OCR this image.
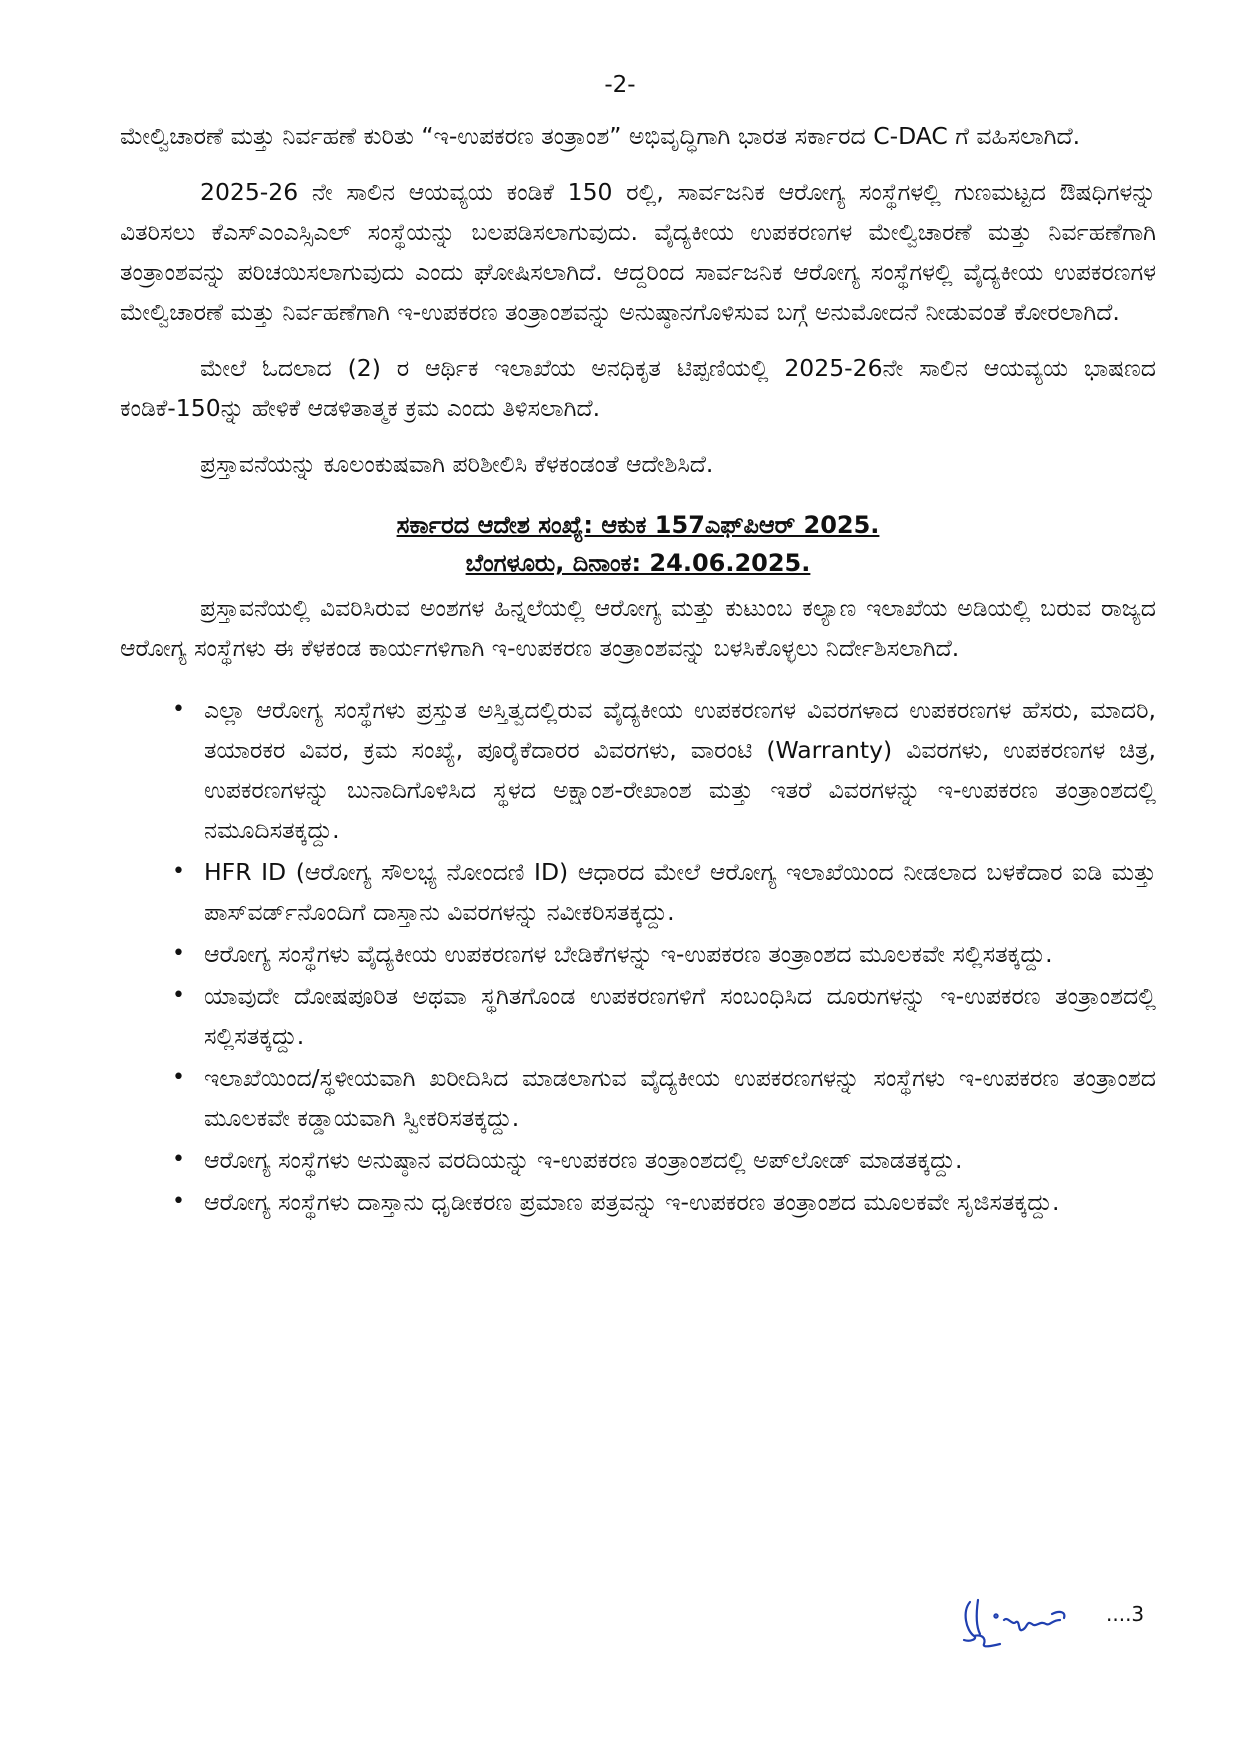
-2-

ಮೇಲ್ವಿಚಾರಣೆ ಮತ್ತು ನಿರ್ವಹಣೆ ಕುರಿತು “ಇ-ಉಪಕರಣ ತಂತ್ರಾಂಶ” ಅಭಿವೃದ್ಧಿಗಾಗಿ ಭಾರತ ಸರ್ಕಾರದ C-DAC ಗೆ ವಹಿಸಲಾಗಿದೆ.

2025-26 ನೇ ಸಾಲಿನ ಆಯವ್ಯಯ ಕಂಡಿಕೆ 150 ರಲ್ಲಿ, ಸಾರ್ವಜನಿಕ ಆರೋಗ್ಯ ಸಂಸ್ಥೆಗಳಲ್ಲಿ ಗುಣಮಟ್ಟದ ಔಷಧಿಗಳನ್ನು ವಿತರಿಸಲು ಕೆಎಸ್ಎಂಎಸ್ಸಿಎಲ್ ಸಂಸ್ಥೆಯನ್ನು ಬಲಪಡಿಸಲಾಗುವುದು. ವೈದ್ಯಕೀಯ ಉಪಕರಣಗಳ ಮೇಲ್ವಿಚಾರಣೆ ಮತ್ತು ನಿರ್ವಹಣೆಗಾಗಿ ತಂತ್ರಾಂಶವನ್ನು ಪರಿಚಯಿಸಲಾಗುವುದು ಎಂದು ಘೋಷಿಸಲಾಗಿದೆ. ಆದ್ದರಿಂದ ಸಾರ್ವಜನಿಕ ಆರೋಗ್ಯ ಸಂಸ್ಥೆಗಳಲ್ಲಿ ವೈದ್ಯಕೀಯ ಉಪಕರಣಗಳ ಮೇಲ್ವಿಚಾರಣೆ ಮತ್ತು ನಿರ್ವಹಣೆಗಾಗಿ ಇ-ಉಪಕರಣ ತಂತ್ರಾಂಶವನ್ನು ಅನುಷ್ಠಾನಗೊಳಿಸುವ ಬಗ್ಗೆ ಅನುಮೋದನೆ ನೀಡುವಂತೆ ಕೋರಲಾಗಿದೆ.

ಮೇಲೆ ಓದಲಾದ (2) ರ ಆರ್ಥಿಕ ಇಲಾಖೆಯ ಅನಧಿಕೃತ ಟಿಪ್ಪಣಿಯಲ್ಲಿ 2025-26ನೇ ಸಾಲಿನ ಆಯವ್ಯಯ ಭಾಷಣದ ಕಂಡಿಕೆ-150ನ್ನು ಹೇಳಿಕೆ ಆಡಳಿತಾತ್ಮಕ ಕ್ರಮ ಎಂದು ತಿಳಿಸಲಾಗಿದೆ.

ಪ್ರಸ್ತಾವನೆಯನ್ನು ಕೂಲಂಕುಷವಾಗಿ ಪರಿಶೀಲಿಸಿ ಕೆಳಕಂಡಂತೆ ಆದೇಶಿಸಿದೆ.

ಸರ್ಕಾರದ ಆದೇಶ ಸಂಖ್ಯೆ: ಆಕುಕ 157ಎಫ್‌ಪಿಆರ್ 2025.
ಬೆಂಗಳೂರು, ದಿನಾಂಕ: 24.06.2025.

ಪ್ರಸ್ತಾವನೆಯಲ್ಲಿ ವಿವರಿಸಿರುವ ಅಂಶಗಳ ಹಿನ್ನಲೆಯಲ್ಲಿ ಆರೋಗ್ಯ ಮತ್ತು ಕುಟುಂಬ ಕಲ್ಯಾಣ ಇಲಾಖೆಯ ಅಡಿಯಲ್ಲಿ ಬರುವ ರಾಜ್ಯದ ಆರೋಗ್ಯ ಸಂಸ್ಥೆಗಳು ಈ ಕೆಳಕಂಡ ಕಾರ್ಯಗಳಿಗಾಗಿ ಇ-ಉಪಕರಣ ತಂತ್ರಾಂಶವನ್ನು ಬಳಸಿಕೊಳ್ಳಲು ನಿರ್ದೇಶಿಸಲಾಗಿದೆ.

• ಎಲ್ಲಾ ಆರೋಗ್ಯ ಸಂಸ್ಥೆಗಳು ಪ್ರಸ್ತುತ ಅಸ್ತಿತ್ವದಲ್ಲಿರುವ ವೈದ್ಯಕೀಯ ಉಪಕರಣಗಳ ವಿವರಗಳಾದ ಉಪಕರಣಗಳ ಹೆಸರು, ಮಾದರಿ, ತಯಾರಕರ ವಿವರ, ಕ್ರಮ ಸಂಖ್ಯೆ, ಪೂರೈಕೆದಾರರ ವಿವರಗಳು, ವಾರಂಟಿ (Warranty) ವಿವರಗಳು, ಉಪಕರಣಗಳ ಚಿತ್ರ, ಉಪಕರಣಗಳನ್ನು ಬುನಾದಿಗೊಳಿಸಿದ ಸ್ಥಳದ ಅಕ್ಷಾಂಶ-ರೇಖಾಂಶ ಮತ್ತು ಇತರೆ ವಿವರಗಳನ್ನು ಇ-ಉಪಕರಣ ತಂತ್ರಾಂಶದಲ್ಲಿ ನಮೂದಿಸತಕ್ಕದ್ದು.
• HFR ID (ಆರೋಗ್ಯ ಸೌಲಭ್ಯ ನೋಂದಣಿ ID) ಆಧಾರದ ಮೇಲೆ ಆರೋಗ್ಯ ಇಲಾಖೆಯಿಂದ ನೀಡಲಾದ ಬಳಕೆದಾರ ಐಡಿ ಮತ್ತು ಪಾಸ್‌ವರ್ಡ್‌ನೊಂದಿಗೆ ದಾಸ್ತಾನು ವಿವರಗಳನ್ನು ನವೀಕರಿಸತಕ್ಕದ್ದು.
• ಆರೋಗ್ಯ ಸಂಸ್ಥೆಗಳು ವೈದ್ಯಕೀಯ ಉಪಕರಣಗಳ ಬೇಡಿಕೆಗಳನ್ನು ಇ-ಉಪಕರಣ ತಂತ್ರಾಂಶದ ಮೂಲಕವೇ ಸಲ್ಲಿಸತಕ್ಕದ್ದು.
• ಯಾವುದೇ ದೋಷಪೂರಿತ ಅಥವಾ ಸ್ಥಗಿತಗೊಂಡ ಉಪಕರಣಗಳಿಗೆ ಸಂಬಂಧಿಸಿದ ದೂರುಗಳನ್ನು ಇ-ಉಪಕರಣ ತಂತ್ರಾಂಶದಲ್ಲಿ ಸಲ್ಲಿಸತಕ್ಕದ್ದು.
• ಇಲಾಖೆಯಿಂದ/ಸ್ಥಳೀಯವಾಗಿ ಖರೀದಿಸಿದ ಮಾಡಲಾಗುವ ವೈದ್ಯಕೀಯ ಉಪಕರಣಗಳನ್ನು ಸಂಸ್ಥೆಗಳು ಇ-ಉಪಕರಣ ತಂತ್ರಾಂಶದ ಮೂಲಕವೇ ಕಡ್ಡಾಯವಾಗಿ ಸ್ವೀಕರಿಸತಕ್ಕದ್ದು.
• ಆರೋಗ್ಯ ಸಂಸ್ಥೆಗಳು ಅನುಷ್ಠಾನ ವರದಿಯನ್ನು ಇ-ಉಪಕರಣ ತಂತ್ರಾಂಶದಲ್ಲಿ ಅಪ್‌ಲೋಡ್ ಮಾಡತಕ್ಕದ್ದು.
• ಆರೋಗ್ಯ ಸಂಸ್ಥೆಗಳು ದಾಸ್ತಾನು ಧೃಡೀಕರಣ ಪ್ರಮಾಣ ಪತ್ರವನ್ನು ಇ-ಉಪಕರಣ ತಂತ್ರಾಂಶದ ಮೂಲಕವೇ ಸೃಜಿಸತಕ್ಕದ್ದು.
....3
